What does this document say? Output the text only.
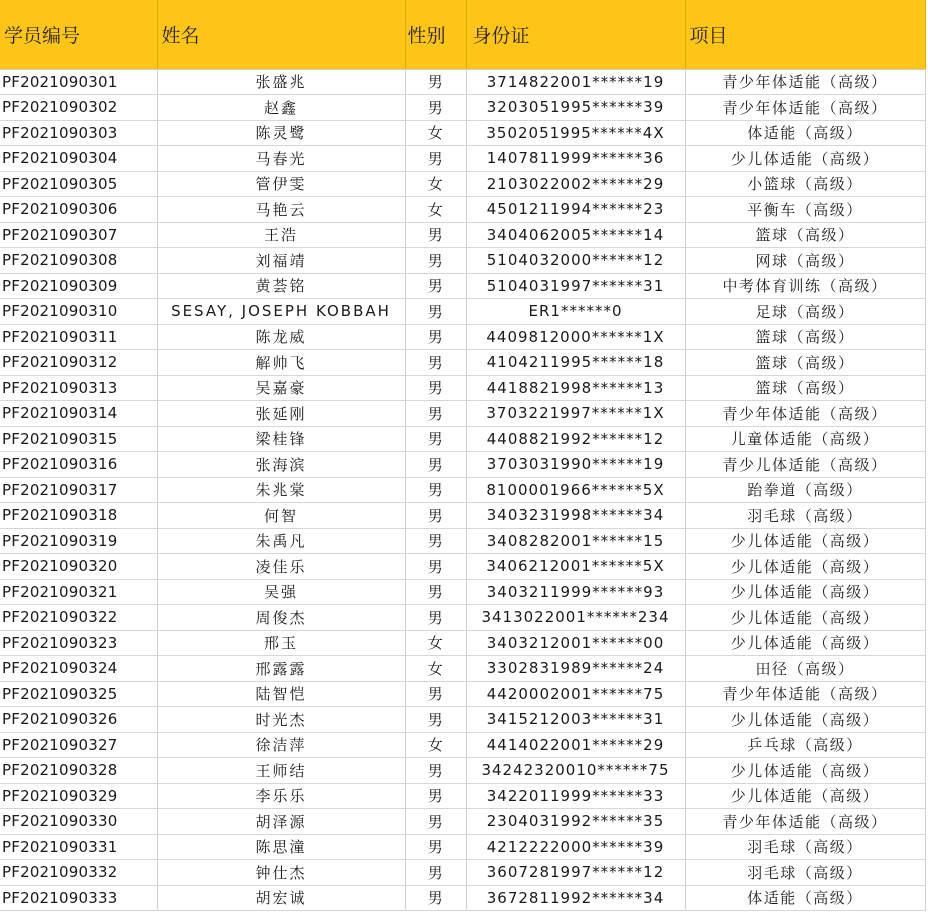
学员编号	姓名	性别	身份证	项目
PF2021090301	张盛兆	男	3714822001******19	青少年体适能（高级）
PF2021090302	赵鑫	男	3203051995******39	青少年体适能（高级）
PF2021090303	陈灵鹭	女	3502051995******4X	体适能（高级）
PF2021090304	马春光	男	1407811999******36	少儿体适能（高级）
PF2021090305	管伊雯	女	2103022002******29	小篮球（高级）
PF2021090306	马艳云	女	4501211994******23	平衡车（高级）
PF2021090307	王浩	男	3404062005******14	篮球（高级）
PF2021090308	刘福靖	男	5104032000******12	网球（高级）
PF2021090309	黄荟铭	男	5104031997******31	中考体育训练（高级）
PF2021090310	SESAY, JOSEPH KOBBAH	男	ER1******0	足球（高级）
PF2021090311	陈龙威	男	4409812000******1X	篮球（高级）
PF2021090312	解帅飞	男	4104211995******18	篮球（高级）
PF2021090313	吴嘉豪	男	4418821998******13	篮球（高级）
PF2021090314	张延刚	男	3703221997******1X	青少年体适能（高级）
PF2021090315	梁桂锋	男	4408821992******12	儿童体适能（高级）
PF2021090316	张海滨	男	3703031990******19	青少儿体适能（高级）
PF2021090317	朱兆棠	男	8100001966******5X	跆拳道（高级）
PF2021090318	何智	男	3403231998******34	羽毛球（高级）
PF2021090319	朱禹凡	男	3408282001******15	少儿体适能（高级）
PF2021090320	凌佳乐	男	3406212001******5X	少儿体适能（高级）
PF2021090321	吴强	男	3403211999******93	少儿体适能（高级）
PF2021090322	周俊杰	男	3413022001******234	少儿体适能（高级）
PF2021090323	邢玉	女	3403212001******00	少儿体适能（高级）
PF2021090324	邢露露	女	3302831989******24	田径（高级）
PF2021090325	陆智恺	男	4420002001******75	青少年体适能（高级）
PF2021090326	时光杰	男	3415212003******31	少儿体适能（高级）
PF2021090327	徐洁萍	女	4414022001******29	乒乓球（高级）
PF2021090328	王师结	男	34242320010******75	少儿体适能（高级）
PF2021090329	李乐乐	男	3422011999******33	少儿体适能（高级）
PF2021090330	胡泽源	男	2304031992******35	青少年体适能（高级）
PF2021090331	陈思潼	男	4212222000******39	羽毛球（高级）
PF2021090332	钟仕杰	男	3607281997******12	羽毛球（高级）
PF2021090333	胡宏诚	男	3672811992******34	体适能（高级）
